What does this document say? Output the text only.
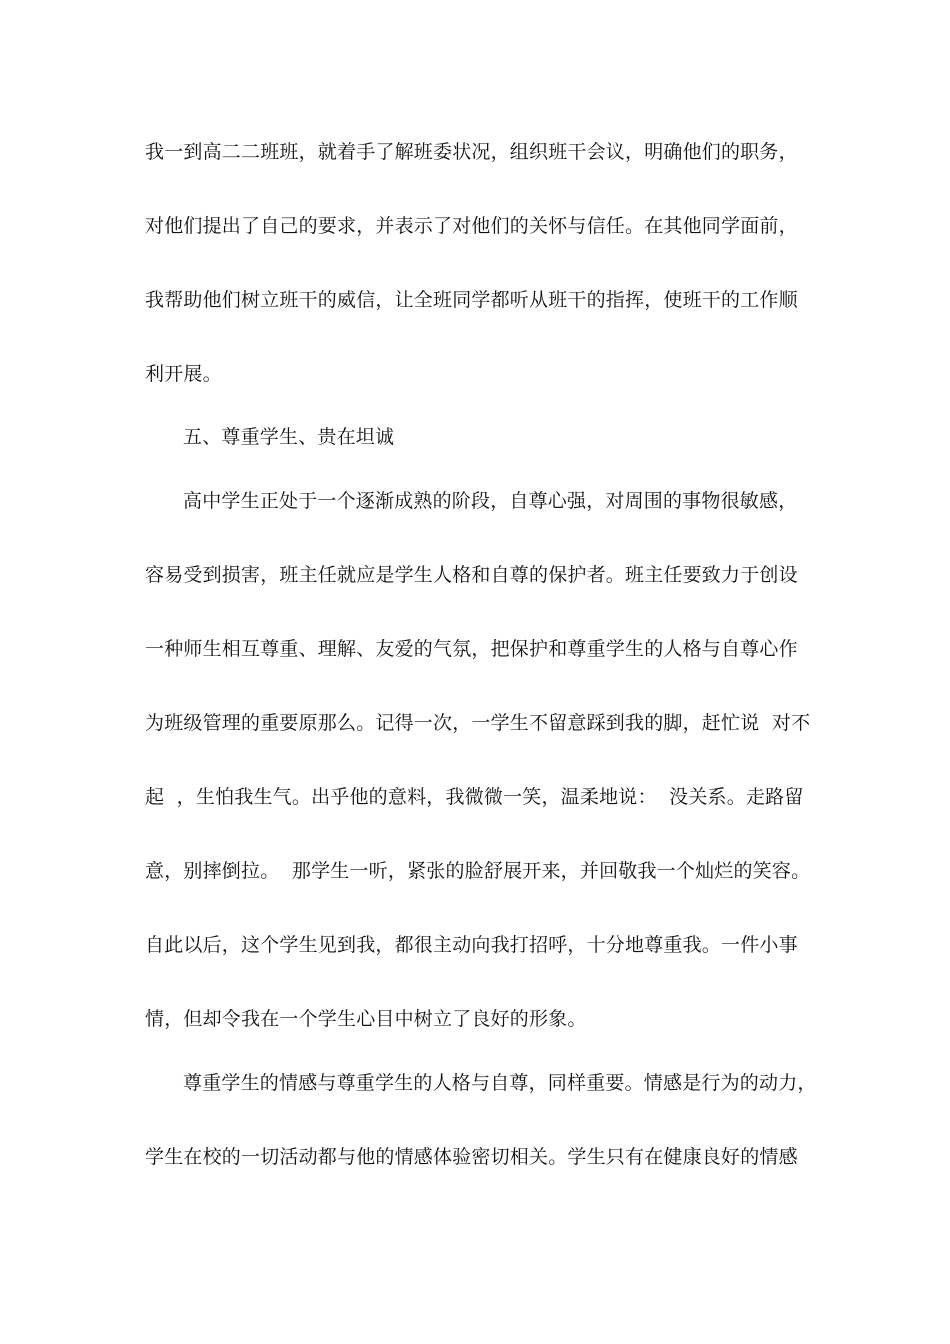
我一到高二二班班，就着手了解班委状况，组织班干会议，明确他们的职务，
对他们提出了自己的要求，并表示了对他们的关怀与信任。在其他同学面前，
我帮助他们树立班干的威信，让全班同学都听从班干的指挥，使班干的工作顺
利开展。
五、尊重学生、贵在坦诚
高中学生正处于一个逐渐成熟的阶段，自尊心强，对周围的事物很敏感，
容易受到损害，班主任就应是学生人格和自尊的保护者。班主任要致力于创设
一种师生相互尊重、理解、友爱的气氛，把保护和尊重学生的人格与自尊心作
为班级管理的重要原那么。记得一次，一学生不留意踩到我的脚，赶忙说  对不
起  ，生怕我生气。出乎他的意料，我微微一笑，温柔地说：  没关系。走路留
意，别摔倒拉。  那学生一听，紧张的脸舒展开来，并回敬我一个灿烂的笑容。
自此以后，这个学生见到我，都很主动向我打招呼，十分地尊重我。一件小事
情，但却令我在一个学生心目中树立了良好的形象。
尊重学生的情感与尊重学生的人格与自尊，同样重要。情感是行为的动力，
学生在校的一切活动都与他的情感体验密切相关。学生只有在健康良好的情感
